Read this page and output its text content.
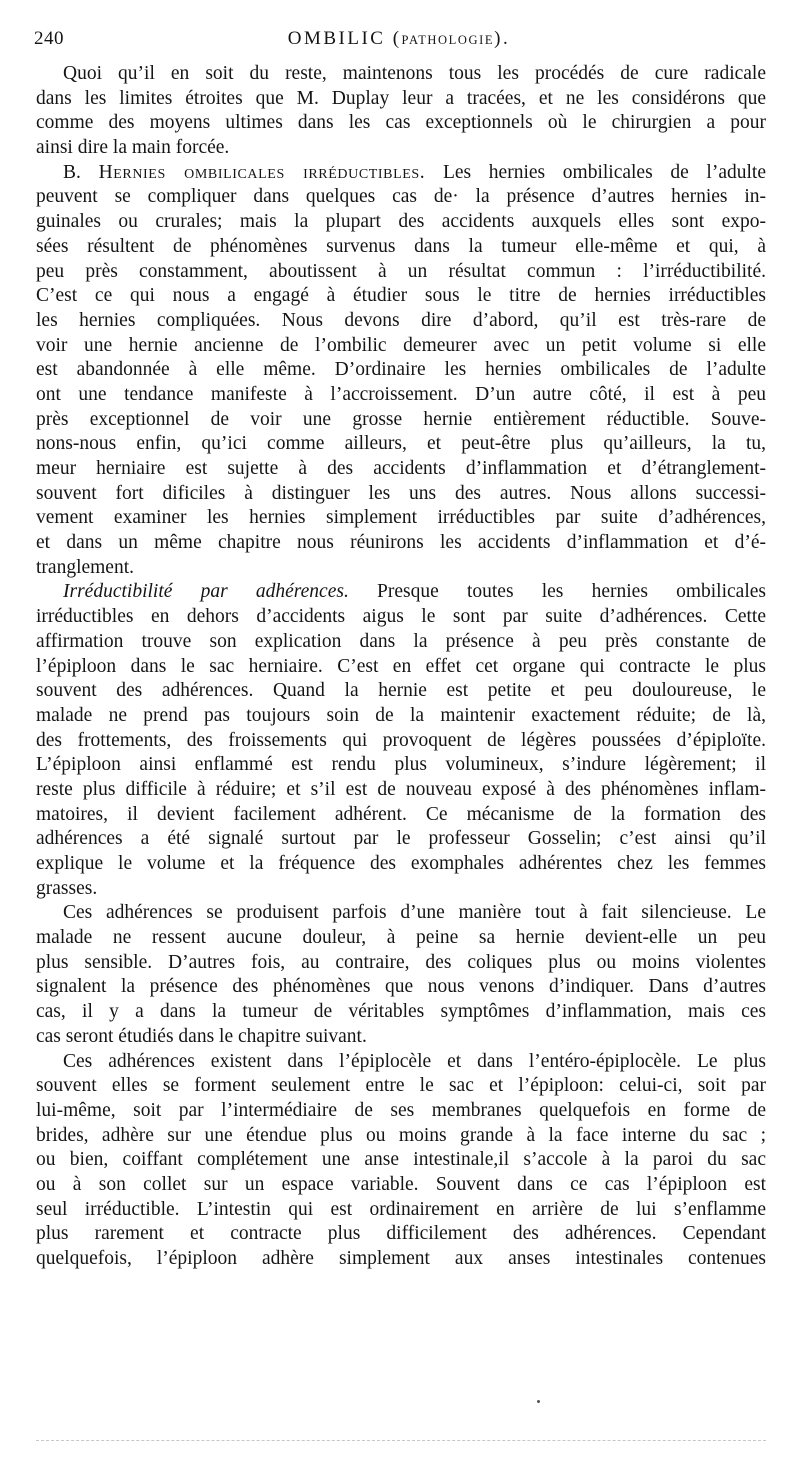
240	OMBILIC (PATHOLOGIE).
Quoi qu’il en soit du reste, maintenons tous les procédés de cure radicale
dans les limites étroites que M. Duplay leur a tracées, et ne les considérons que
comme des moyens ultimes dans les cas exceptionnels où le chirurgien a pour
ainsi dire la main forcée.
B. Hernies ombilicales irréductibles. Les hernies ombilicales de l’adulte
peuvent se compliquer dans quelques cas de· la présence d’autres hernies in-
guinales ou crurales; mais la plupart des accidents auxquels elles sont expo-
sées résultent de phénomènes survenus dans la tumeur elle-même et qui, à
peu près constamment, aboutissent à un résultat commun : l’irréductibilité.
C’est ce qui nous a engagé à étudier sous le titre de hernies irréductibles
les hernies compliquées. Nous devons dire d’abord, qu’il est très-rare de
voir une hernie ancienne de l’ombilic demeurer avec un petit volume si elle
est abandonnée à elle même. D’ordinaire les hernies ombilicales de l’adulte
ont une tendance manifeste à l’accroissement. D’un autre côté, il est à peu
près exceptionnel de voir une grosse hernie entièrement réductible. Souve-
nons-nous enfin, qu’ici comme ailleurs, et peut-être plus qu’ailleurs, la tu,
meur herniaire est sujette à des accidents d’inflammation et d’étranglement-
souvent fort dificiles à distinguer les uns des autres. Nous allons successi-
vement examiner les hernies simplement irréductibles par suite d’adhérences,
et dans un même chapitre nous réunirons les accidents d’inflammation et d’é-
tranglement.
Irréductibilité par adhérences. Presque toutes les hernies ombilicales
irréductibles en dehors d’accidents aigus le sont par suite d’adhérences. Cette
affirmation trouve son explication dans la présence à peu près constante de
l’épiploon dans le sac herniaire. C’est en effet cet organe qui contracte le plus
souvent des adhérences. Quand la hernie est petite et peu douloureuse, le
malade ne prend pas toujours soin de la maintenir exactement réduite; de là,
des frottements, des froissements qui provoquent de légères poussées d’épiploïte.
L’épiploon ainsi enflammé est rendu plus volumineux, s’indure légèrement; il
reste plus difficile à réduire; et s’il est de nouveau exposé à des phénomènes inflam-
matoires, il devient facilement adhérent. Ce mécanisme de la formation des
adhérences a été signalé surtout par le professeur Gosselin; c’est ainsi qu’il
explique le volume et la fréquence des exomphales adhérentes chez les femmes
grasses.
Ces adhérences se produisent parfois d’une manière tout à fait silencieuse. Le
malade ne ressent aucune douleur, à peine sa hernie devient-elle un peu
plus sensible. D’autres fois, au contraire, des coliques plus ou moins violentes
signalent la présence des phénomènes que nous venons d’indiquer. Dans d’autres
cas, il y a dans la tumeur de véritables symptômes d’inflammation, mais ces
cas seront étudiés dans le chapitre suivant.
Ces adhérences existent dans l’épiplocèle et dans l’entéro-épiplocèle. Le plus
souvent elles se forment seulement entre le sac et l’épiploon: celui-ci, soit par
lui-même, soit par l’intermédiaire de ses membranes quelquefois en forme de
brides, adhère sur une étendue plus ou moins grande à la face interne du sac ;
ou bien, coiffant complétement une anse intestinale,il s’accole à la paroi du sac
ou à son collet sur un espace variable. Souvent dans ce cas l’épiploon est
seul irréductible. L’intestin qui est ordinairement en arrière de lui s’enflamme
plus rarement et contracte plus difficilement des adhérences. Cependant
quelquefois, l’épiploon adhère simplement aux anses intestinales contenues
